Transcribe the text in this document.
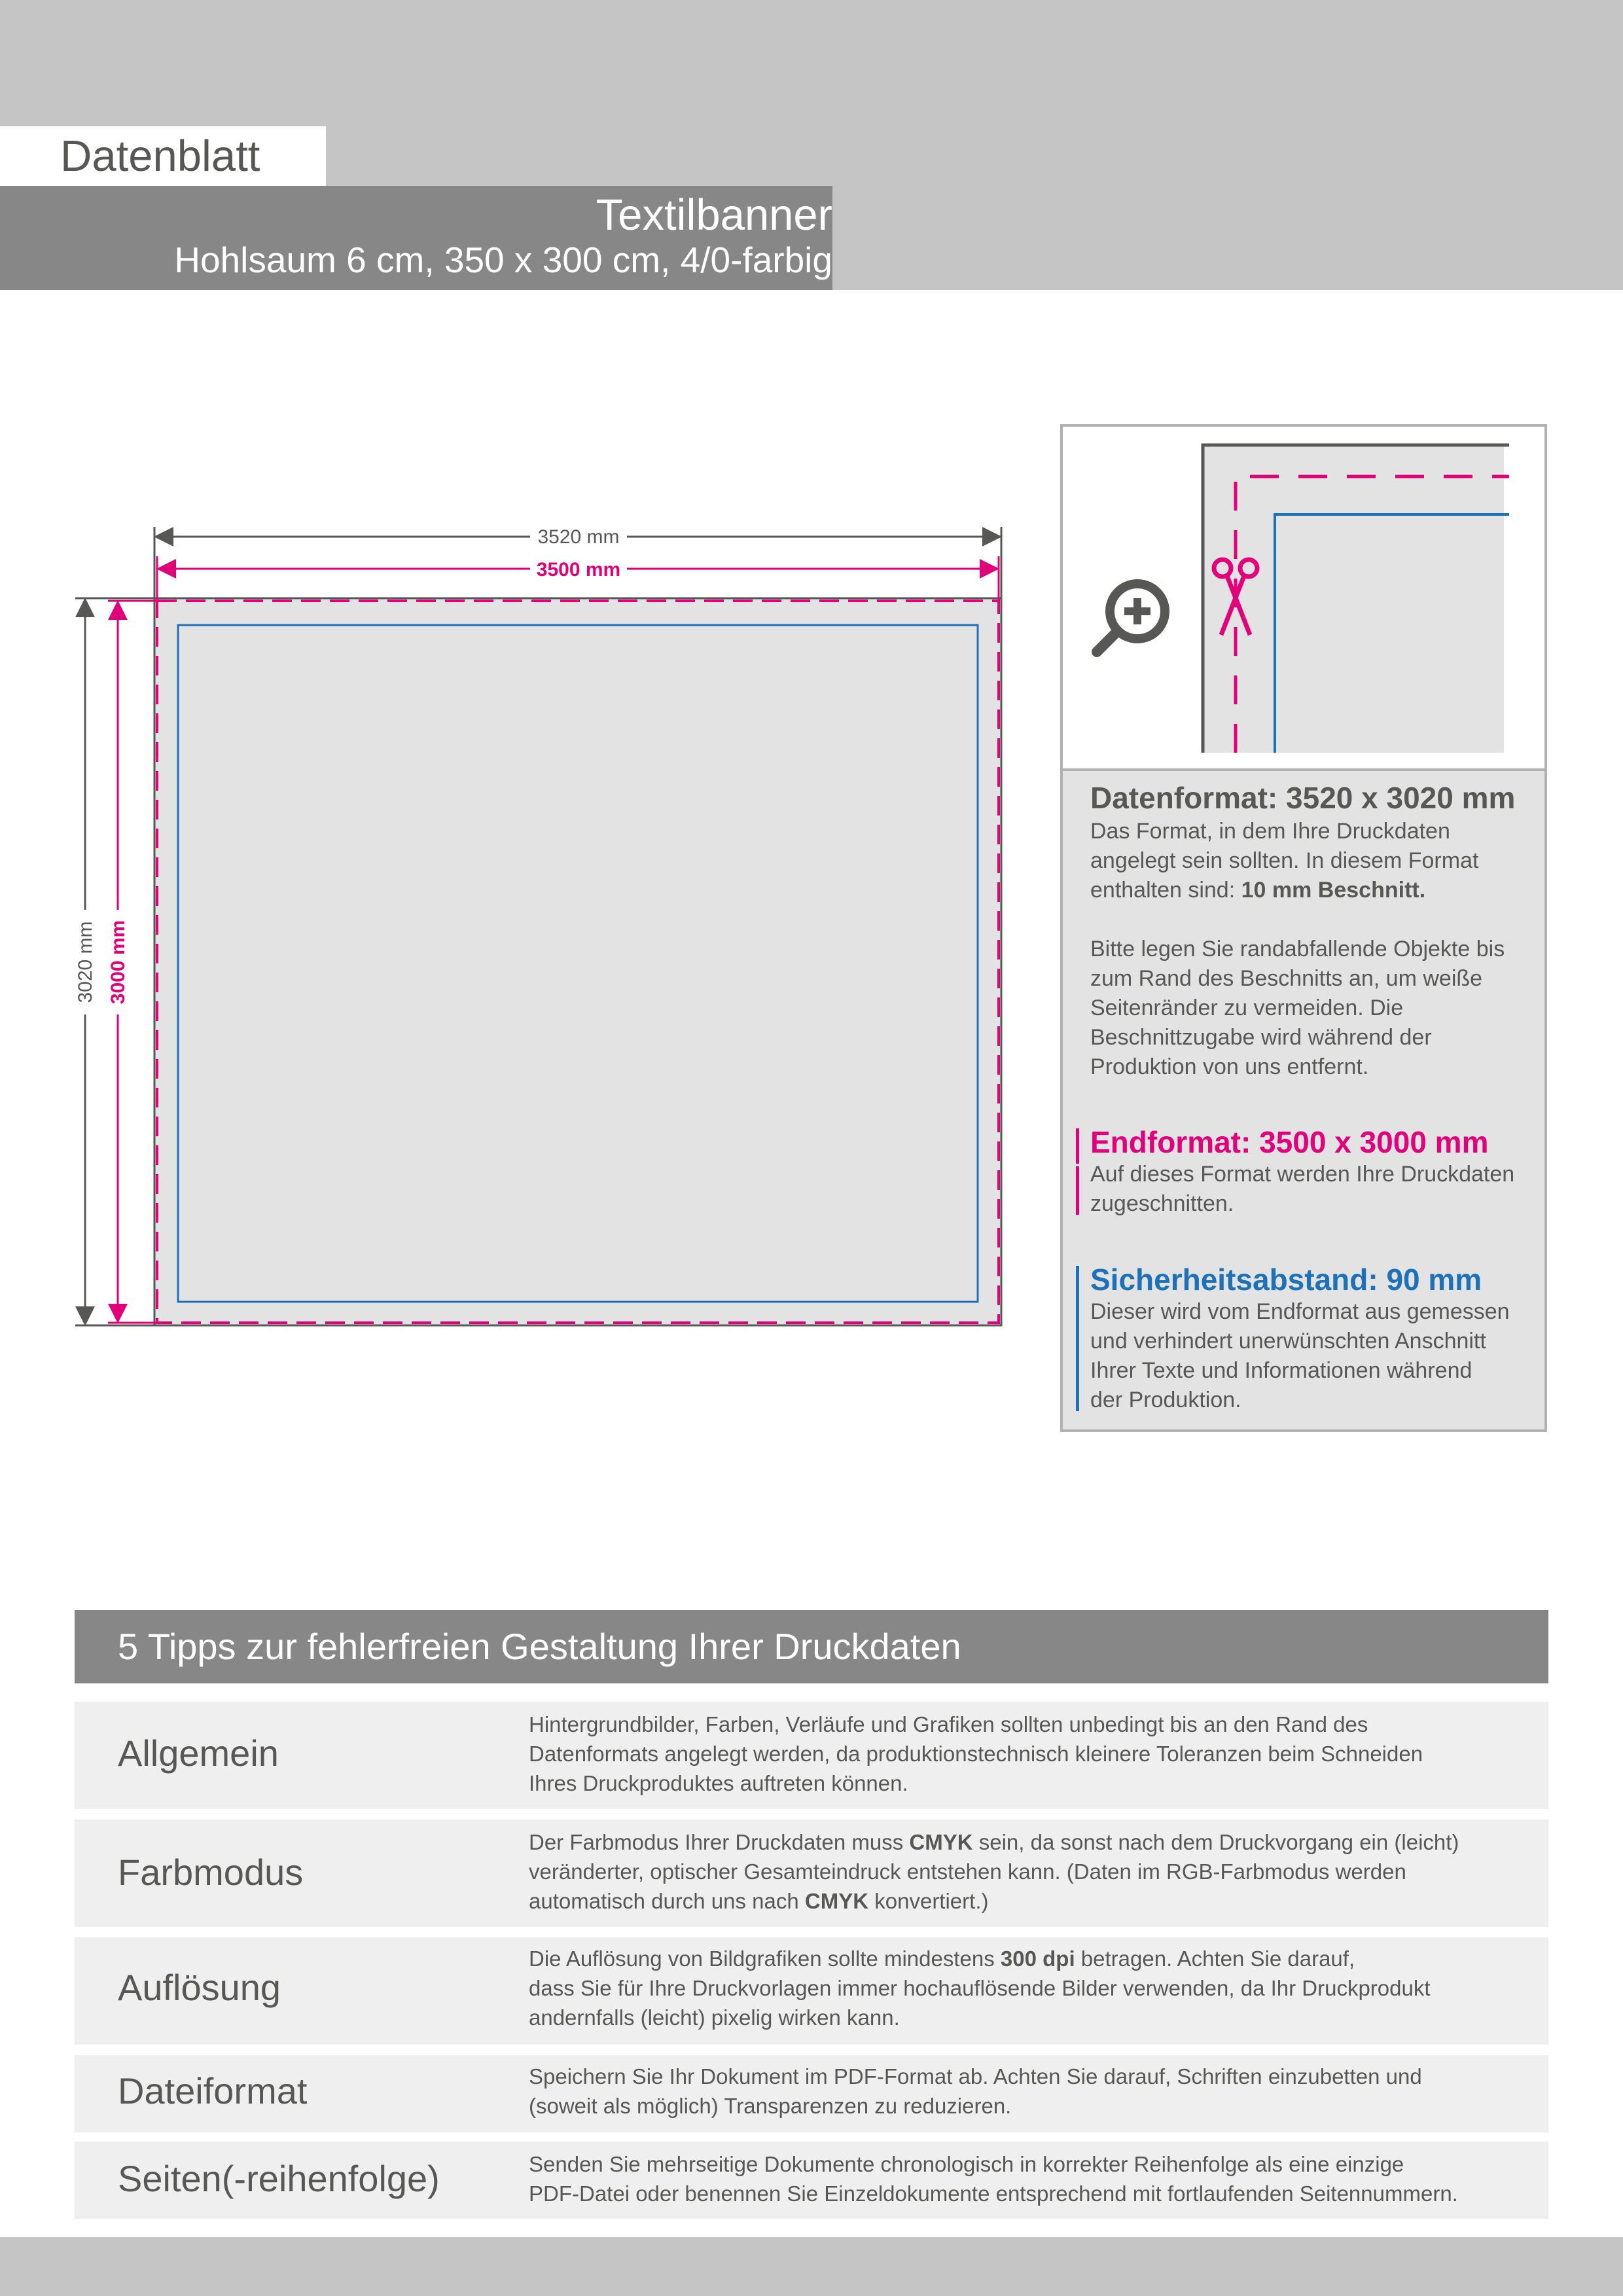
Datenblatt
Textilbanner
Hohlsaum 6 cm, 350 x 300 cm, 4/0-farbig
3520 mm
3500 mm
3020 mm 3000 mm
Datenformat: 3520 x 3020 mm
Das Format, in dem Ihre Druckdaten
angelegt sein sollten. In diesem Format
enthalten sind: 10 mm Beschnitt.
Bitte legen Sie randabfallende Objekte bis
zum Rand des Beschnitts an, um weiße
Seitenränder zu vermeiden. Die
Beschnittzugabe wird während der
Produktion von uns entfernt.
Endformat: 3500 x 3000 mm
Auf dieses Format werden Ihre Druckdaten
zugeschnitten.
Sicherheitsabstand: 90 mm
Dieser wird vom Endformat aus gemessen
und verhindert unerwünschten Anschnitt
Ihrer Texte und Informationen während
der Produktion.
5 Tipps zur fehlerfreien Gestaltung Ihrer Druckdaten
Allgemein
Hintergrundbilder, Farben, Verläufe und Grafiken sollten unbedingt bis an den Rand des
Datenformats angelegt werden, da produktionstechnisch kleinere Toleranzen beim Schneiden
Ihres Druckproduktes auftreten können.
Farbmodus
Der Farbmodus Ihrer Druckdaten muss CMYK sein, da sonst nach dem Druckvorgang ein (leicht)
veränderter, optischer Gesamteindruck entstehen kann. (Daten im RGB-Farbmodus werden
automatisch durch uns nach CMYK konvertiert.)
Auflösung
Die Auflösung von Bildgrafiken sollte mindestens 300 dpi betragen. Achten Sie darauf,
dass Sie für Ihre Druckvorlagen immer hochauflösende Bilder verwenden, da Ihr Druckprodukt
andernfalls (leicht) pixelig wirken kann.
Dateiformat	Speichern Sie Ihr Dokument im PDF-Format ab. Achten Sie darauf, Schriften einzubetten und
(soweit als möglich) Transparenzen zu reduzieren.
Seiten(-reihenfolge)	Senden Sie mehrseitige Dokumente chronologisch in korrekter Reihenfolge als eine einzige
PDF-Datei oder benennen Sie Einzeldokumente entsprechend mit fortlaufenden Seitennummern.
